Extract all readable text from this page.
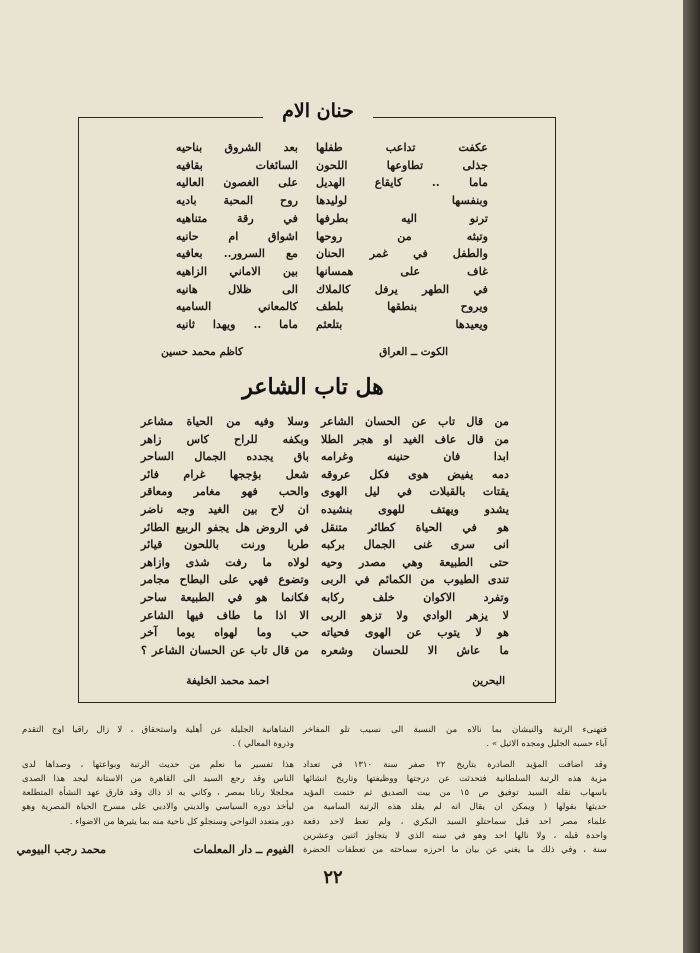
حنان الام
عكفت تداعب طفلها
جذلى تطاوعها اللحون
ماما .. كايقاع الهديل
وبنفسها لوليدها
ترنو اليه بطرفها
وتبثه من روحها
والطفل في غمر الحنان
غاف على همسانها
في الطهر يرفل كالملاك
ويروح بنطقها بلطف
ويعيدها بتلعثم
بعد الشروق بناحيه
السائغات بقافيه
على الغصون العاليه
روح المحبة باديه
في رقة متناهيه
اشواق ام حانيه
مع السرور.. بعافيه
بين الاماني الزاهيه
الى ظلال هانيه
كالمعاني الساميه
ماما .. ويهدا ثانيه
الكوت ــ العراق
كاظم محمد حسين
هل تاب الشاعر
من قال تاب عن الحسان الشاعر
من قال عاف الغيد او هجر الطلا
ابدا فان حنينه وغرامه
دمه يفيض هوى فكل عروقه
يقتات بالقبلات في ليل الهوى
يشدو ويهتف للهوى بنشيده
هو في الحياة كطائر متنقل
انى سرى غنى الجمال بركبه
حتى الطبيعة وهي مصدر وحيه
تندى الطيوب من الكمائم في الربى
وتفرد الاكوان خلف ركابه
لا يزهر الوادي ولا تزهو الربى
هو لا يتوب عن الهوى فحياته
ما عاش الا للحسان وشعره
وسلا وفيه من الحياة مشاعر
وبكفه للراح كاس زاهر
باق يجدده الجمال الساحر
شعل بؤججها غرام فائر
والحب فهو مغامر ومعاقر
ان لاح بين الغيد وجه ناضر
في الروض هل يجفو الربيع الطائر
طربا ورنت باللحون قيائر
لولاه ما رفت شذى وازاهر
وتضوع فهي على البطاح مجامر
فكانما هو في الطبيعة ساحر
الا اذا ما طاف فيها الشاعر
حب وما لهواه يوما آخر
من قال تاب عن الحسان الشاعر ؟
البحرين
احمد محمد الخليفة
فتهنىء الرتبة والنيشان بما نالاه من النسبة الى نسيب تلو المفاخر
آباء حسبه الجليل ومجده الاثيل » .
وقد اضافت المؤيد الصادرة بتاريخ ٢٢ صفر سنة ١٣١٠ في تعداد
مزية هذه الرتبة السلطانية فتحدثت عن درجتها ووظيفتها وتاريخ انشائها
باسهاب نقله السيد توفيق ص ١٥ من بيت الصديق ثم ختمت المؤيد
حديثها بقولها ( ويمكن ان يقال انه لم يقلد هذه الرتبة السامية من
علماء مصر احد قبل سماحتلو السيد البكري ، ولم تعط لاحد دفعة
واحدة قبله ، ولا نالها احد وهو في سنه الذي لا يتجاوز اثنين وعشرين
سنة ، وفي ذلك ما يغني عن بيان ما احرزه سماحته من تعطفات الحضرة
الشاهانية الجليلة عن أهلية واستحقاق ، لا زال راقيا اوج التقدم
وذروة المعالي ) .
هذا تفسير ما نعلم من حديث الرتبة وبواعثها ، وصداها لدى
الناس وقد رجع السيد الى القاهرة من الاستانة ليجد هذا الصدى
مجلجلا رنانا بمصر ، وكاني به اذ ذاك وقد فارق عهد النشأة المتطلعة
ليأخذ دوره السياسي والديني والادبي على مسرح الحياة المصرية وهو
دور متعدد النواحي وسنجلو كل ناحية منه بما يثيرها من الاضواء .
الفيوم ــ دار المعلمات
محمد رجب البيومي
٢٢
